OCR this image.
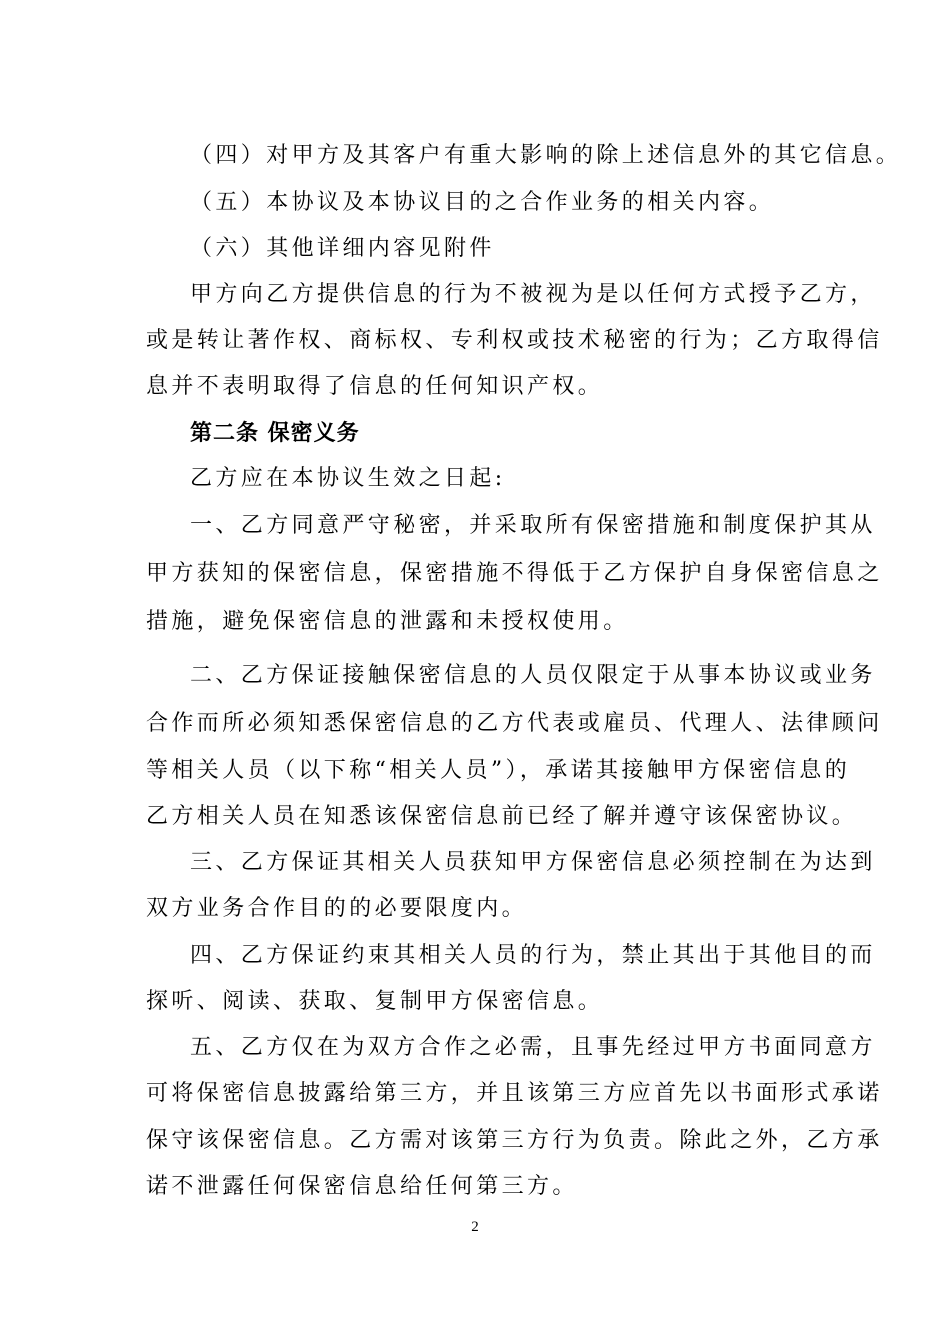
（四）对甲方及其客户有重大影响的除上述信息外的其它信息。
（五）本协议及本协议目的之合作业务的相关内容。
（六）其他详细内容见附件
甲方向乙方提供信息的行为不被视为是以任何方式授予乙方，
或是转让著作权、商标权、专利权或技术秘密的行为；乙方取得信
息并不表明取得了信息的任何知识产权。
第二条 保密义务
乙方应在本协议生效之日起:
一、乙方同意严守秘密，并采取所有保密措施和制度保护其从
甲方获知的保密信息，保密措施不得低于乙方保护自身保密信息之
措施，避免保密信息的泄露和未授权使用。
二、乙方保证接触保密信息的人员仅限定于从事本协议或业务
合作而所必须知悉保密信息的乙方代表或雇员、代理人、法律顾问
等相关人员（以下称“相关人员”），承诺其接触甲方保密信息的
乙方相关人员在知悉该保密信息前已经了解并遵守该保密协议。
三、乙方保证其相关人员获知甲方保密信息必须控制在为达到
双方业务合作目的的必要限度内。
四、乙方保证约束其相关人员的行为，禁止其出于其他目的而
探听、阅读、获取、复制甲方保密信息。
五、乙方仅在为双方合作之必需，且事先经过甲方书面同意方
可将保密信息披露给第三方，并且该第三方应首先以书面形式承诺
保守该保密信息。乙方需对该第三方行为负责。除此之外，乙方承
诺不泄露任何保密信息给任何第三方。
2
